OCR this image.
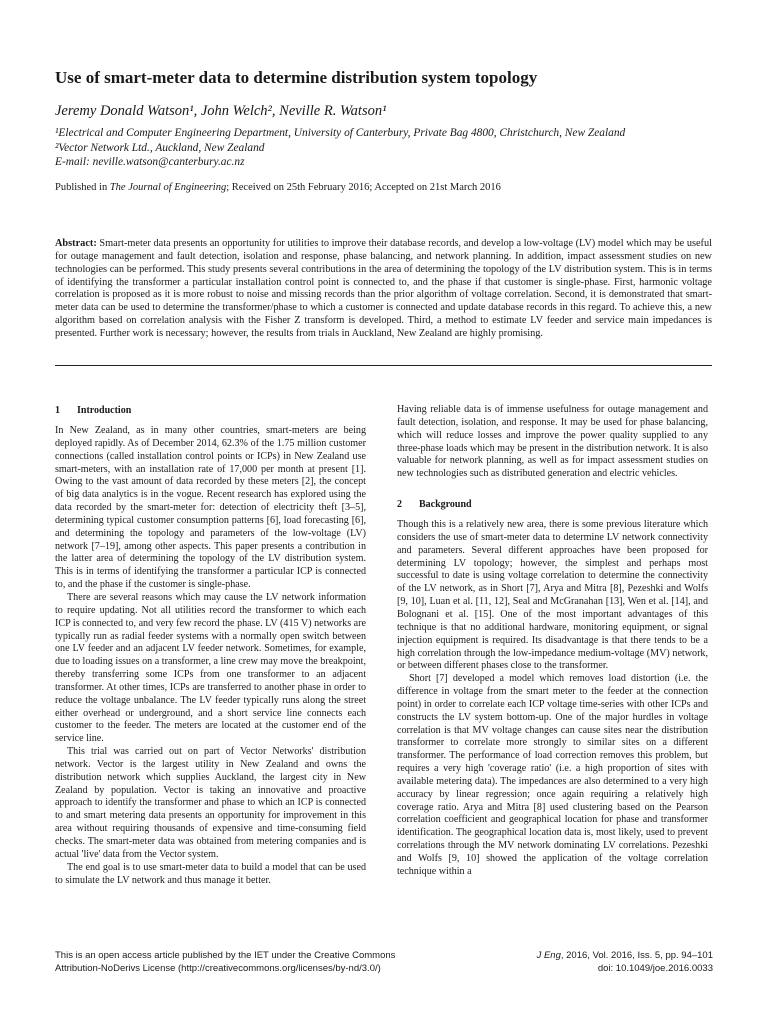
Use of smart-meter data to determine distribution system topology
Jeremy Donald Watson¹, John Welch², Neville R. Watson¹
¹Electrical and Computer Engineering Department, University of Canterbury, Private Bag 4800, Christchurch, New Zealand
²Vector Network Ltd., Auckland, New Zealand
E-mail: neville.watson@canterbury.ac.nz
Published in The Journal of Engineering; Received on 25th February 2016; Accepted on 21st March 2016
Abstract: Smart-meter data presents an opportunity for utilities to improve their database records, and develop a low-voltage (LV) model which may be useful for outage management and fault detection, isolation and response, phase balancing, and network planning. In addition, impact assessment studies on new technologies can be performed. This study presents several contributions in the area of determining the topology of the LV distribution system. This is in terms of identifying the transformer a particular installation control point is connected to, and the phase if that customer is single-phase. First, harmonic voltage correlation is proposed as it is more robust to noise and missing records than the prior algorithm of voltage correlation. Second, it is demonstrated that smart-meter data can be used to determine the transformer/phase to which a customer is connected and update database records in this regard. To achieve this, a new algorithm based on correlation analysis with the Fisher Z transform is developed. Third, a method to estimate LV feeder and service main impedances is presented. Further work is necessary; however, the results from trials in Auckland, New Zealand are highly promising.
1 Introduction

In New Zealand, as in many other countries, smart-meters are being deployed rapidly. As of December 2014, 62.3% of the 1.75 million customer connections (called installation control points or ICPs) in New Zealand use smart-meters, with an installation rate of 17,000 per month at present [1]. Owing to the vast amount of data recorded by these meters [2], the concept of big data analytics is in the vogue. Recent research has explored using the data recorded by the smart-meter for: detection of electricity theft [3–5], determining typical customer consumption patterns [6], load forecasting [6], and determining the topology and parameters of the low-voltage (LV) network [7–19], among other aspects. This paper presents a contribution in the latter area of determining the topology of the LV distribution system. This is in terms of identifying the transformer a particular ICP is connected to, and the phase if the customer is single-phase.

There are several reasons which may cause the LV network information to require updating. Not all utilities record the transformer to which each ICP is connected to, and very few record the phase. LV (415 V) networks are typically run as radial feeder systems with a normally open switch between one LV feeder and an adjacent LV feeder network. Sometimes, for example, due to loading issues on a transformer, a line crew may move the breakpoint, thereby transferring some ICPs from one transformer to an adjacent transformer. At other times, ICPs are transferred to another phase in order to reduce the voltage unbalance. The LV feeder typically runs along the street either overhead or underground, and a short service line connects each customer to the feeder. The meters are located at the customer end of the service line.

This trial was carried out on part of Vector Networks' distribution network. Vector is the largest utility in New Zealand and owns the distribution network which supplies Auckland, the largest city in New Zealand by population. Vector is taking an innovative and proactive approach to identify the transformer and phase to which an ICP is connected to and smart metering data presents an opportunity for improvement in this area without requiring thousands of expensive and time-consuming field checks. The smart-meter data was obtained from metering companies and is actual 'live' data from the Vector system.

The end goal is to use smart-meter data to build a model that can be used to simulate the LV network and thus manage it better.

Having reliable data is of immense usefulness for outage management and fault detection, isolation, and response. It may be used for phase balancing, which will reduce losses and improve the power quality supplied to any three-phase loads which may be present in the distribution network. It is also valuable for network planning, as well as for impact assessment studies on new technologies such as distributed generation and electric vehicles.

2 Background

Though this is a relatively new area, there is some previous literature which considers the use of smart-meter data to determine LV network connectivity and parameters. Several different approaches have been proposed for determining LV topology; however, the simplest and perhaps most successful to date is using voltage correlation to determine the connectivity of the LV network, as in Short [7], Arya and Mitra [8], Pezeshki and Wolfs [9, 10], Luan et al. [11, 12], Seal and McGranahan [13], Wen et al. [14], and Bolognani et al. [15]. One of the most important advantages of this technique is that no additional hardware, monitoring equipment, or signal injection equipment is required. Its disadvantage is that there tends to be a high correlation through the low-impedance medium-voltage (MV) network, or between different phases close to the transformer.

Short [7] developed a model which removes load distortion (i.e. the difference in voltage from the smart meter to the feeder at the connection point) in order to correlate each ICP voltage time-series with other ICPs and constructs the LV system bottom-up. One of the major hurdles in voltage correlation is that MV voltage changes can cause sites near the distribution transformer to correlate more strongly to similar sites on a different transformer. The performance of load correction removes this problem, but requires a very high 'coverage ratio' (i.e. a high proportion of sites with available metering data). The impedances are also determined to a very high accuracy by linear regression; once again requiring a relatively high coverage ratio. Arya and Mitra [8] used clustering based on the Pearson correlation coefficient and geographical location for phase and transformer identification. The geographical location data is, most likely, used to prevent correlations through the MV network dominating LV correlations. Pezeshki and Wolfs [9, 10] showed the application of the voltage correlation technique within a

This is an open access article published by the IET under the Creative Commons
Attribution-NoDerivs License (http://creativecommons.org/licenses/by-nd/3.0/)
J Eng, 2016, Vol. 2016, Iss. 5, pp. 94–101
doi: 10.1049/joe.2016.0033
